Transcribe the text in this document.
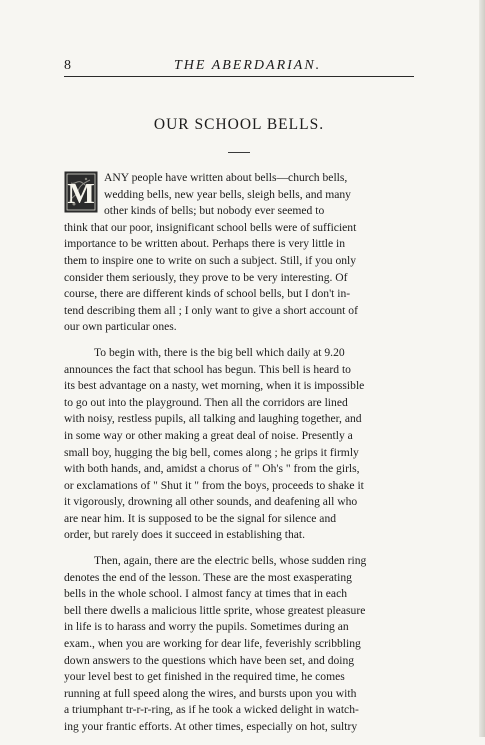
8	THE ABERDARIAN.
OUR SCHOOL BELLS.
M
ANY people have written about bells—church bells,
wedding bells, new year bells, sleigh bells, and many
other kinds of bells; but nobody ever seemed to
think that our poor, insignificant school bells were of sufficient
importance to be written about. Perhaps there is very little in
them to inspire one to write on such a subject. Still, if you only
consider them seriously, they prove to be very interesting. Of
course, there are different kinds of school bells, but I don't in-
tend describing them all ; I only want to give a short account of
our own particular ones.
To begin with, there is the big bell which daily at 9.20
announces the fact that school has begun. This bell is heard to
its best advantage on a nasty, wet morning, when it is impossible
to go out into the playground. Then all the corridors are lined
with noisy, restless pupils, all talking and laughing together, and
in some way or other making a great deal of noise. Presently a
small boy, hugging the big bell, comes along ; he grips it firmly
with both hands, and, amidst a chorus of " Oh's " from the girls,
or exclamations of " Shut it " from the boys, proceeds to shake it
it vigorously, drowning all other sounds, and deafening all who
are near him. It is supposed to be the signal for silence and
order, but rarely does it succeed in establishing that.
Then, again, there are the electric bells, whose sudden ring
denotes the end of the lesson. These are the most exasperating
bells in the whole school. I almost fancy at times that in each
bell there dwells a malicious little sprite, whose greatest pleasure
in life is to harass and worry the pupils. Sometimes during an
exam., when you are working for dear life, feverishly scribbling
down answers to the questions which have been set, and doing
your level best to get finished in the required time, he comes
running at full speed along the wires, and bursts upon you with
a triumphant tr-r-r-ring, as if he took a wicked delight in watch-
ing your frantic efforts. At other times, especially on hot, sultry
